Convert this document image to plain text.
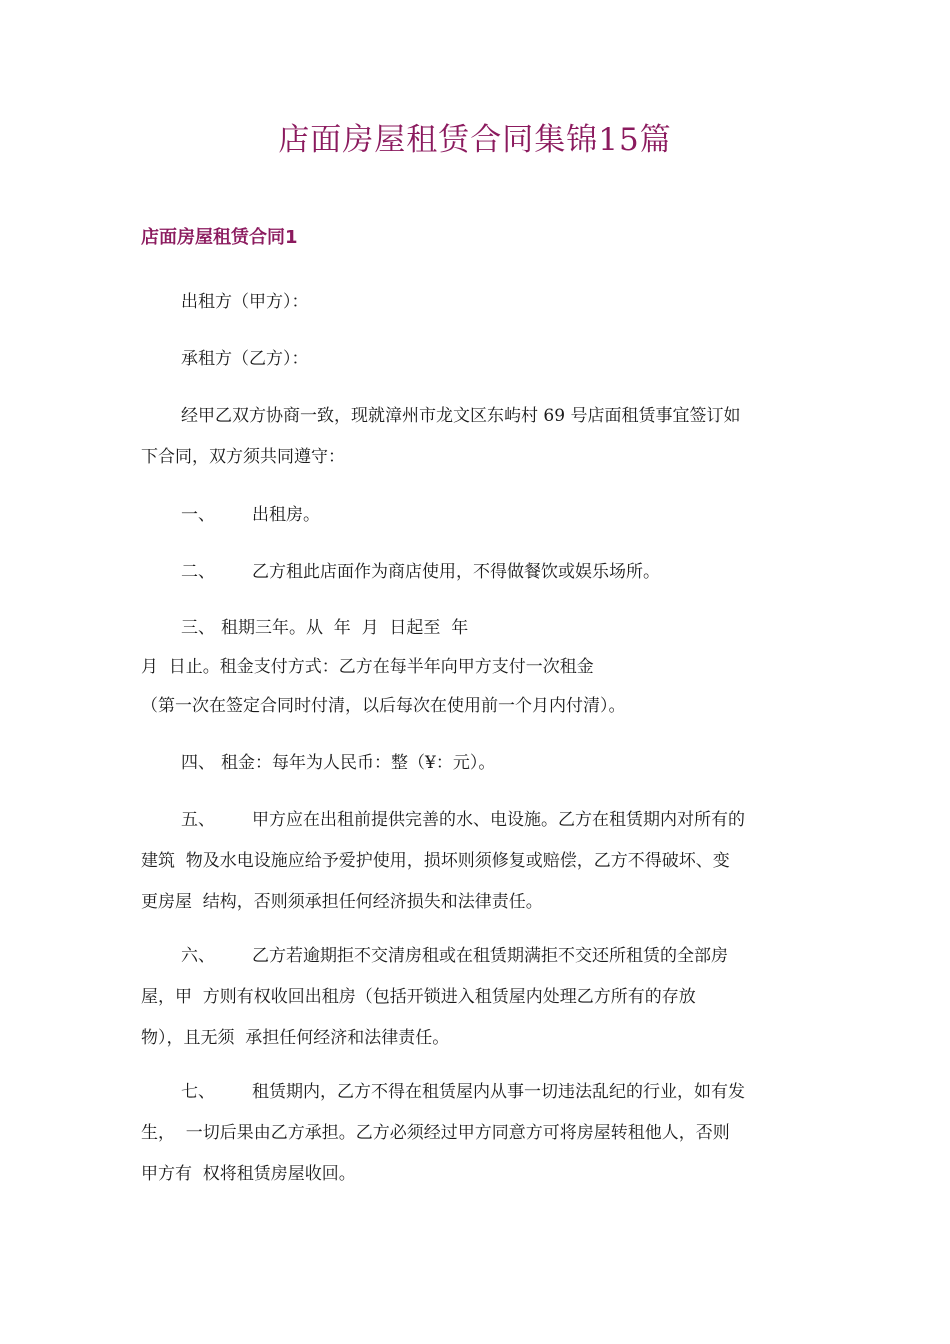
店面房屋租赁合同集锦15篇
店面房屋租赁合同1
出租方（甲方）：
承租方（乙方）：
经甲乙双方协商一致，现就漳州市龙文区东屿村 69 号店面租赁事宜签订如
下合同，双方须共同遵守：
一、 出租房。
二、 乙方租此店面作为商店使用，不得做餐饮或娱乐场所。
三、 租期三年。从  年  月  日起至  年
月  日止。租金支付方式：乙方在每半年向甲方支付一次租金
（第一次在签定合同时付清，以后每次在使用前一个月内付清）。
四、 租金：每年为人民币：整（¥：元）。
五、 甲方应在出租前提供完善的水、电设施。乙方在租赁期内对所有的
建筑  物及水电设施应给予爱护使用，损坏则须修复或赔偿，乙方不得破坏、变
更房屋  结构，否则须承担任何经济损失和法律责任。
六、 乙方若逾期拒不交清房租或在租赁期满拒不交还所租赁的全部房
屋，甲  方则有权收回出租房（包括开锁进入租赁屋内处理乙方所有的存放
物），且无须  承担任何经济和法律责任。
七、 租赁期内，乙方不得在租赁屋内从事一切违法乱纪的行业，如有发
生，  一切后果由乙方承担。乙方必须经过甲方同意方可将房屋转租他人，否则
甲方有  权将租赁房屋收回。
